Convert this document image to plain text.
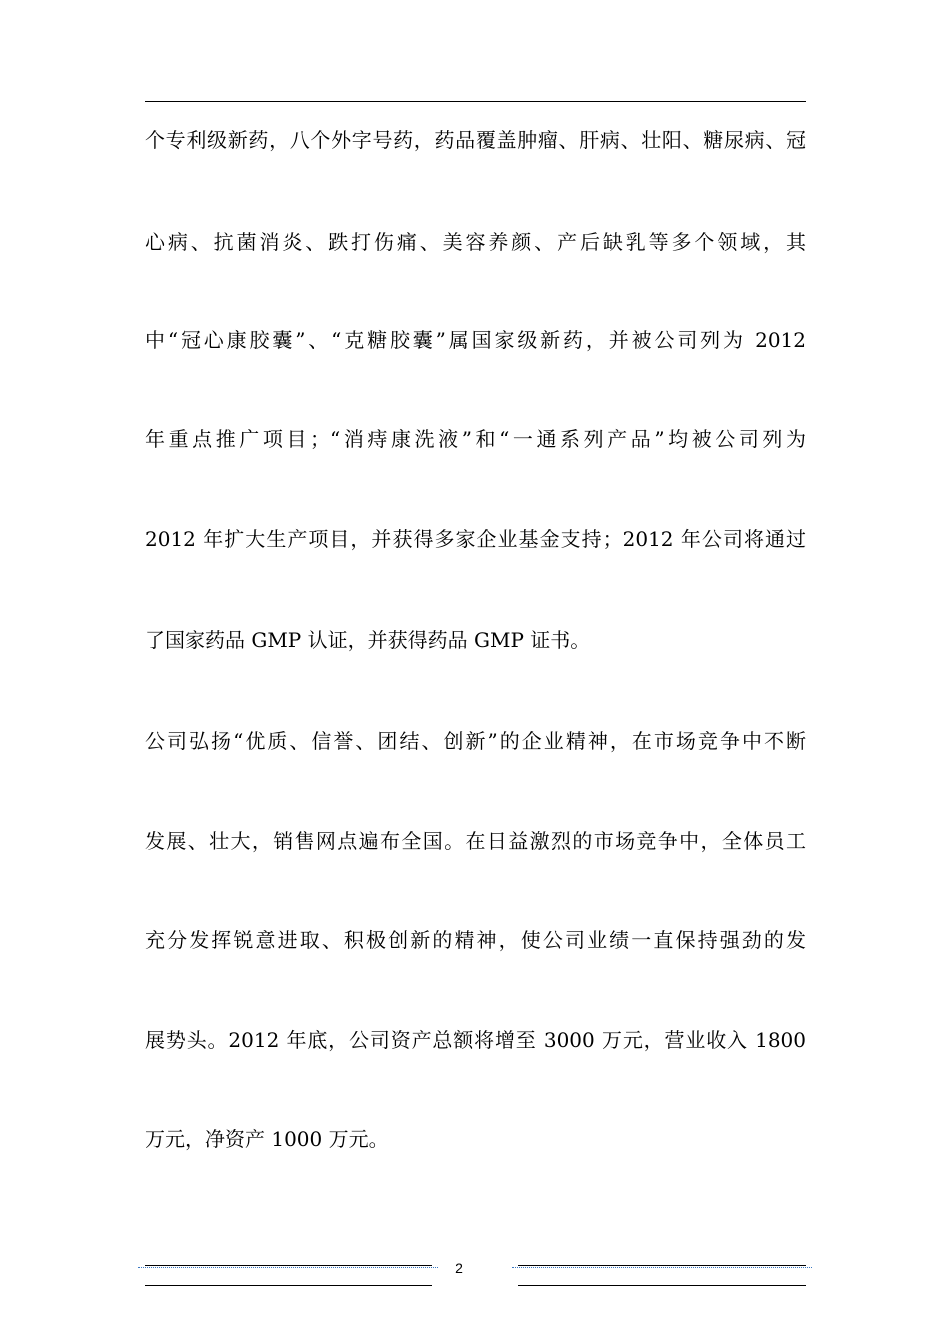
个专利级新药，八个外字号药，药品覆盖肿瘤、肝病、壮阳、糖尿病、冠
心病、抗菌消炎、跌打伤痛、美容养颜、产后缺乳等多个领域，其
中“冠心康胶囊”、“克糖胶囊”属国家级新药，并被公司列为 2012
年重点推广项目；“消痔康洗液”和“一通系列产品”均被公司列为
2012 年扩大生产项目，并获得多家企业基金支持；2012 年公司将通过
了国家药品 GMP 认证，并获得药品 GMP 证书。
公司弘扬“优质、信誉、团结、创新”的企业精神，在市场竞争中不断
发展、壮大，销售网点遍布全国。在日益激烈的市场竞争中，全体员工
充分发挥锐意进取、积极创新的精神，使公司业绩一直保持强劲的发
展势头。2012 年底，公司资产总额将增至 3000 万元，营业收入 1800
万元，净资产 1000 万元。
2
